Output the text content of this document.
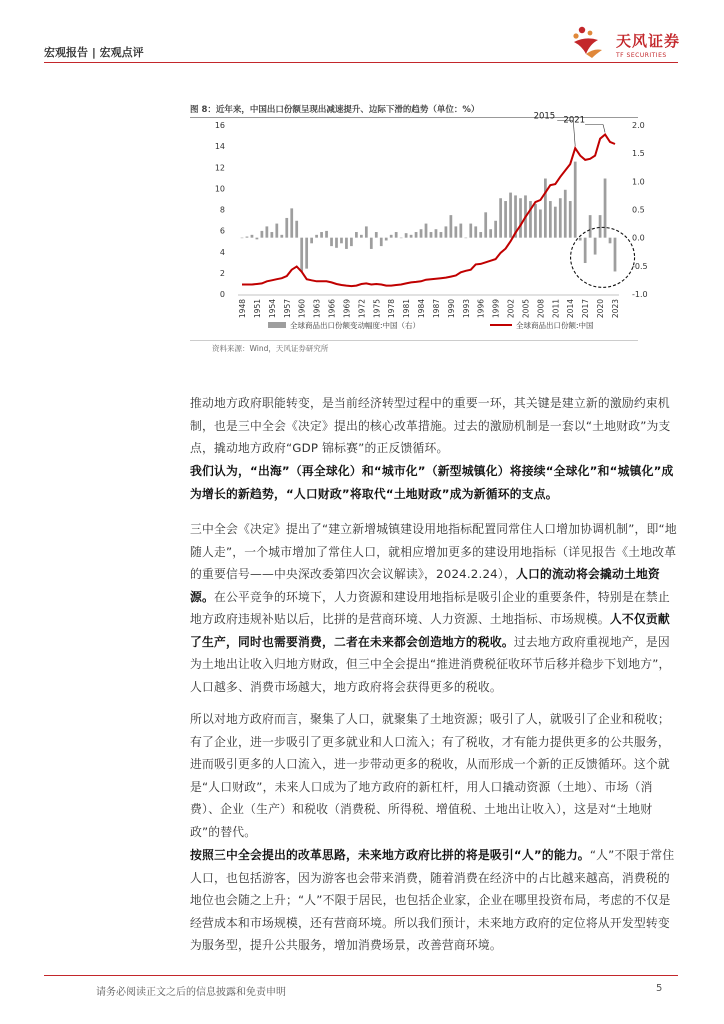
宏观报告 | 宏观点评
天风证券
TF SECURITIES
图 8：近年来，中国出口份额呈现出减速提升、边际下滑的趋势（单位：%）
0
2
4
6
8
10
12
14
16
-1.0
-0.5
0.0
0.5
1.0
1.5
2.0
1948 1951 1954 1957 1960 1963 1966 1969 1972 1975 1978 1981 1984 1987 1990 1993 1996 1999 2002 2005 2008 2011 2014 2017 2020 2023
2015 2021
全球商品出口份额变动幅度:中国（右）	全球商品出口份额:中国
资料来源：Wind，天风证券研究所

推动地方政府职能转变，是当前经济转型过程中的重要一环，其关键是建立新的激励约束机制，也是三中全会《决定》提出的核心改革措施。过去的激励机制是一套以“土地财政”为支点，撬动地方政府“GDP 锦标赛”的正反馈循环。

我们认为，“出海”（再全球化）和“城市化”（新型城镇化）将接续“全球化”和“城镇化”成为增长的新趋势，“人口财政”将取代“土地财政”成为新循环的支点。

三中全会《决定》提出了“建立新增城镇建设用地指标配置同常住人口增加协调机制”，即“地随人走”，一个城市增加了常住人口，就相应增加更多的建设用地指标（详见报告《土地改革的重要信号——中央深改委第四次会议解读》，2024.2.24），人口的流动将会撬动土地资源。在公平竞争的环境下，人力资源和建设用地指标是吸引企业的重要条件，特别是在禁止地方政府违规补贴以后，比拼的是营商环境、人力资源、土地指标、市场规模。人不仅贡献了生产，同时也需要消费，二者在未来都会创造地方的税收。过去地方政府重视地产，是因为土地出让收入归地方财政，但三中全会提出“推进消费税征收环节后移并稳步下划地方”，人口越多、消费市场越大，地方政府将会获得更多的税收。

所以对地方政府而言，聚集了人口，就聚集了土地资源；吸引了人，就吸引了企业和税收；有了企业，进一步吸引了更多就业和人口流入；有了税收，才有能力提供更多的公共服务，进而吸引更多的人口流入，进一步带动更多的税收，从而形成一个新的正反馈循环。这个就是“人口财政”，未来人口成为了地方政府的新杠杆，用人口撬动资源（土地）、市场（消费）、企业（生产）和税收（消费税、所得税、增值税、土地出让收入），这是对“土地财政”的替代。

按照三中全会提出的改革思路，未来地方政府比拼的将是吸引“人”的能力。“人”不限于常住人口，也包括游客，因为游客也会带来消费，随着消费在经济中的占比越来越高，消费税的地位也会随之上升；“人”不限于居民，也包括企业家，企业在哪里投资布局，考虑的不仅是经营成本和市场规模，还有营商环境。所以我们预计，未来地方政府的定位将从开发型转变为服务型，提升公共服务，增加消费场景，改善营商环境。

请务必阅读正文之后的信息披露和免责申明	5
